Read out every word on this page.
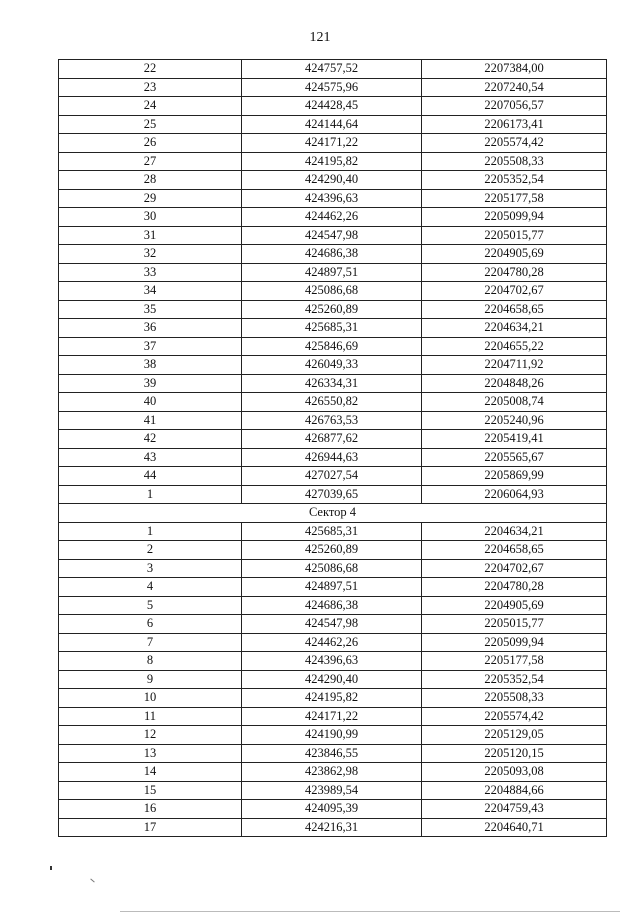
121
22	424757,52	2207384,00
23	424575,96	2207240,54
24	424428,45	2207056,57
25	424144,64	2206173,41
26	424171,22	2205574,42
27	424195,82	2205508,33
28	424290,40	2205352,54
29	424396,63	2205177,58
30	424462,26	2205099,94
31	424547,98	2205015,77
32	424686,38	2204905,69
33	424897,51	2204780,28
34	425086,68	2204702,67
35	425260,89	2204658,65
36	425685,31	2204634,21
37	425846,69	2204655,22
38	426049,33	2204711,92
39	426334,31	2204848,26
40	426550,82	2205008,74
41	426763,53	2205240,96
42	426877,62	2205419,41
43	426944,63	2205565,67
44	427027,54	2205869,99
1	427039,65	2206064,93
Сектор 4		
1	425685,31	2204634,21
2	425260,89	2204658,65
3	425086,68	2204702,67
4	424897,51	2204780,28
5	424686,38	2204905,69
6	424547,98	2205015,77
7	424462,26	2205099,94
8	424396,63	2205177,58
9	424290,40	2205352,54
10	424195,82	2205508,33
11	424171,22	2205574,42
12	424190,99	2205129,05
13	423846,55	2205120,15
14	423862,98	2205093,08
15	423989,54	2204884,66
16	424095,39	2204759,43
17	424216,31	2204640,71
